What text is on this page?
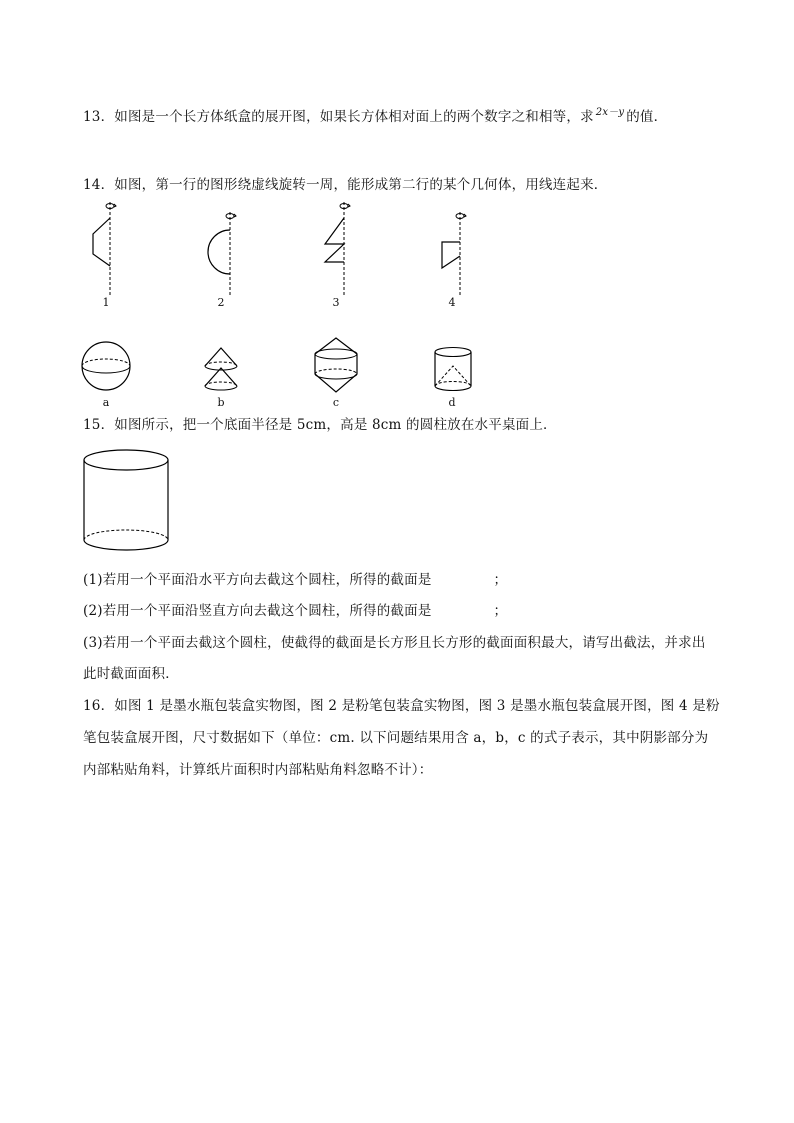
13．如图是一个长方体纸盒的展开图，如果长方体相对面上的两个数字之和相等，求 $^{2x-y}$ 的值．
14．如图，第一行的图形绕虚线旋转一周，能形成第二行的某个几何体，用线连起来．
1	2	3	4
a	b	c	d
15．如图所示，把一个底面半径是 5cm，高是 8cm 的圆柱放在水平桌面上．
(1)若用一个平面沿水平方向去截这个圆柱，所得的截面是	；
(2)若用一个平面沿竖直方向去截这个圆柱，所得的截面是	；
(3)若用一个平面去截这个圆柱，使截得的截面是长方形且长方形的截面面积最大，请写出截法，并求出
此时截面面积．
16．如图 1 是墨水瓶包装盒实物图，图 2 是粉笔包装盒实物图，图 3 是墨水瓶包装盒展开图，图 4 是粉
笔包装盒展开图，尺寸数据如下（单位：cm. 以下问题结果用含 a，b，c 的式子表示，其中阴影部分为
内部粘贴角料，计算纸片面积时内部粘贴角料忽略不计）：
